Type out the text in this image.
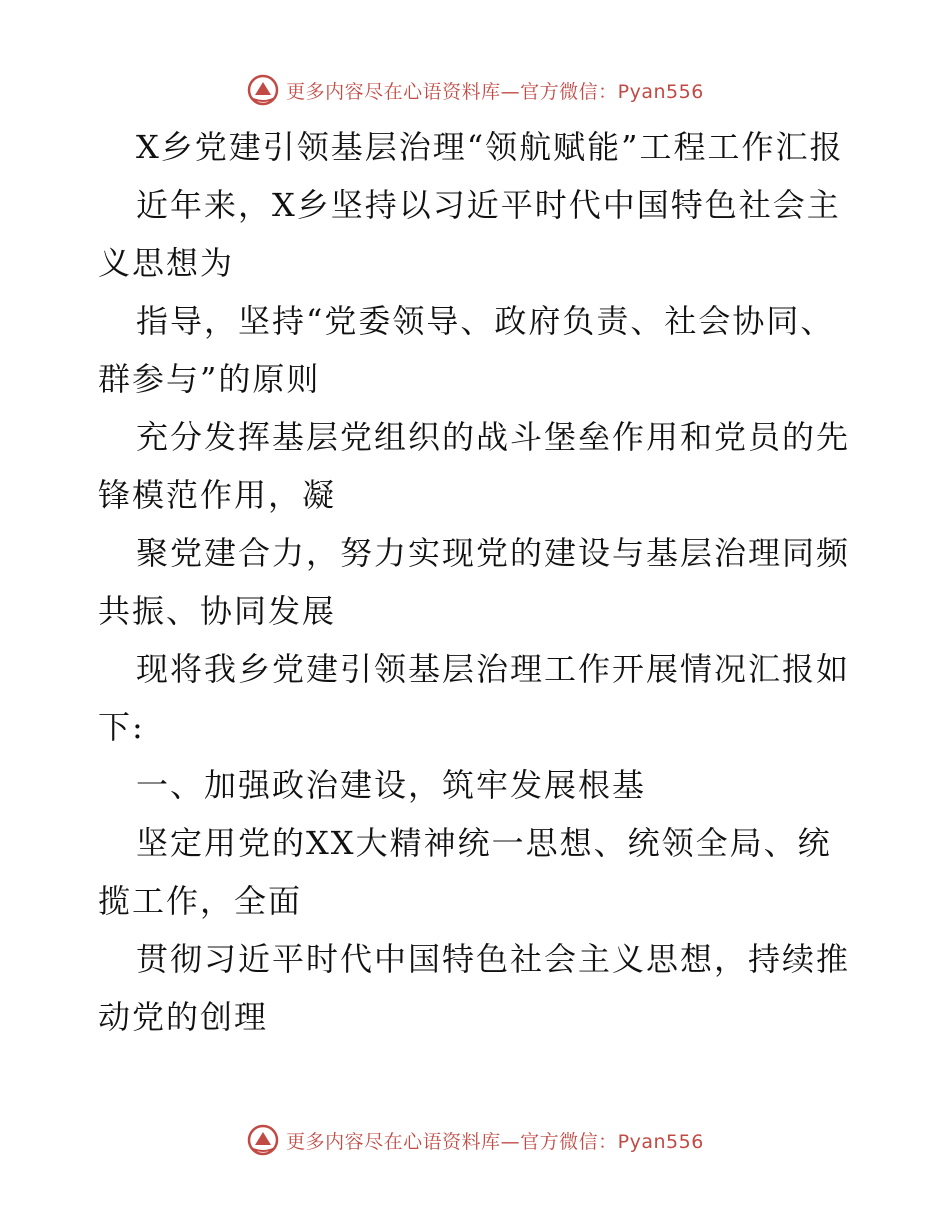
更多内容尽在心语资料库—官方微信：Pyan556

X乡党建引领基层治理“领航赋能”工程工作汇报

近年来，X乡坚持以习近平时代中国特色社会主义思想为

指导，坚持“党委领导、政府负责、社会协同、群参与”的原则

充分发挥基层党组织的战斗堡垒作用和党员的先锋模范作用，凝

聚党建合力，努力实现党的建设与基层治理同频共振、协同发展

现将我乡党建引领基层治理工作开展情况汇报如下:

一、加强政治建设，筑牢发展根基

坚定用党的XX大精神统一思想、统领全局、统揽工作，全面

贯彻习近平时代中国特色社会主义思想，持续推动党的创理

更多内容尽在心语资料库—官方微信：Pyan556
